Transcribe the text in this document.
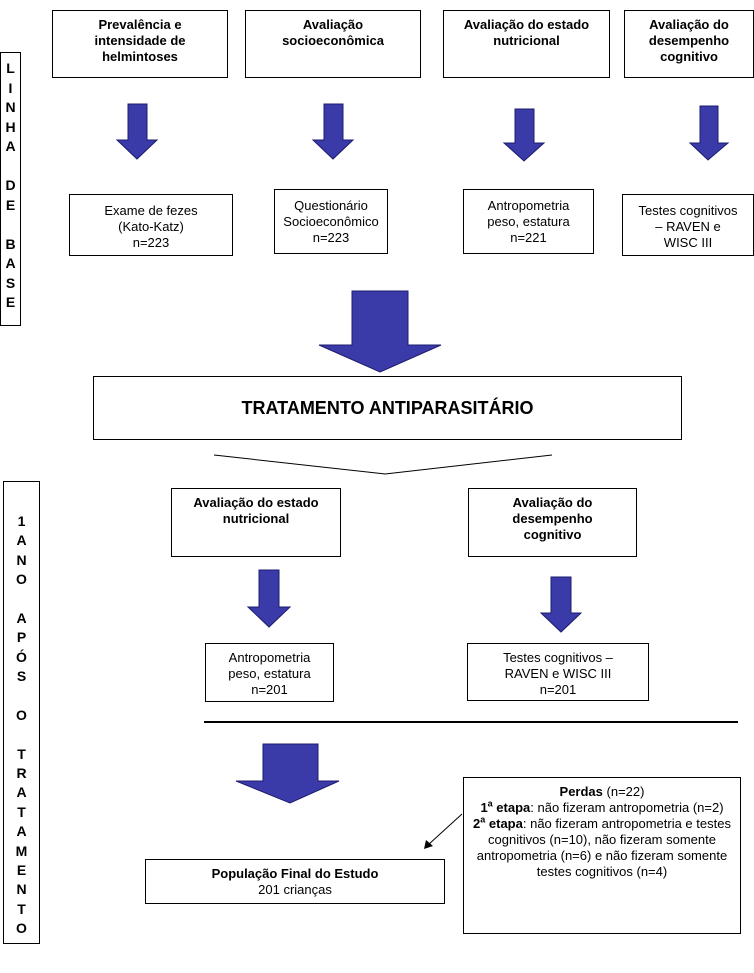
L
I
N
H
A
D
E
B
A
S
E
1
A
N
O
A
P
Ó
S
O
T
R
A
T
A
M
E
N
T
O
Prevalência e
intensidade de
helmintoses
Avaliação
socioeconômica
Avaliação do estado
nutricional
Avaliação do
desempenho
cognitivo
Exame de fezes
(Kato-Katz)
n=223
Questionário
Socioeconômico
n=223
Antropometria
peso, estatura
n=221
Testes cognitivos
– RAVEN e
WISC III
TRATAMENTO ANTIPARASITÁRIO
Avaliação do estado
nutricional
Avaliação do
desempenho
cognitivo
Antropometria
peso, estatura
n=201
Testes cognitivos –
RAVEN e WISC III
n=201
População Final do Estudo
201 crianças
Perdas (n=22)
1$^a$ etapa: não fizeram antropometria (n=2)
2$^a$ etapa: não fizeram antropometria e testes cognitivos (n=10), não fizeram somente antropometria (n=6) e não fizeram somente testes cognitivos (n=4)
